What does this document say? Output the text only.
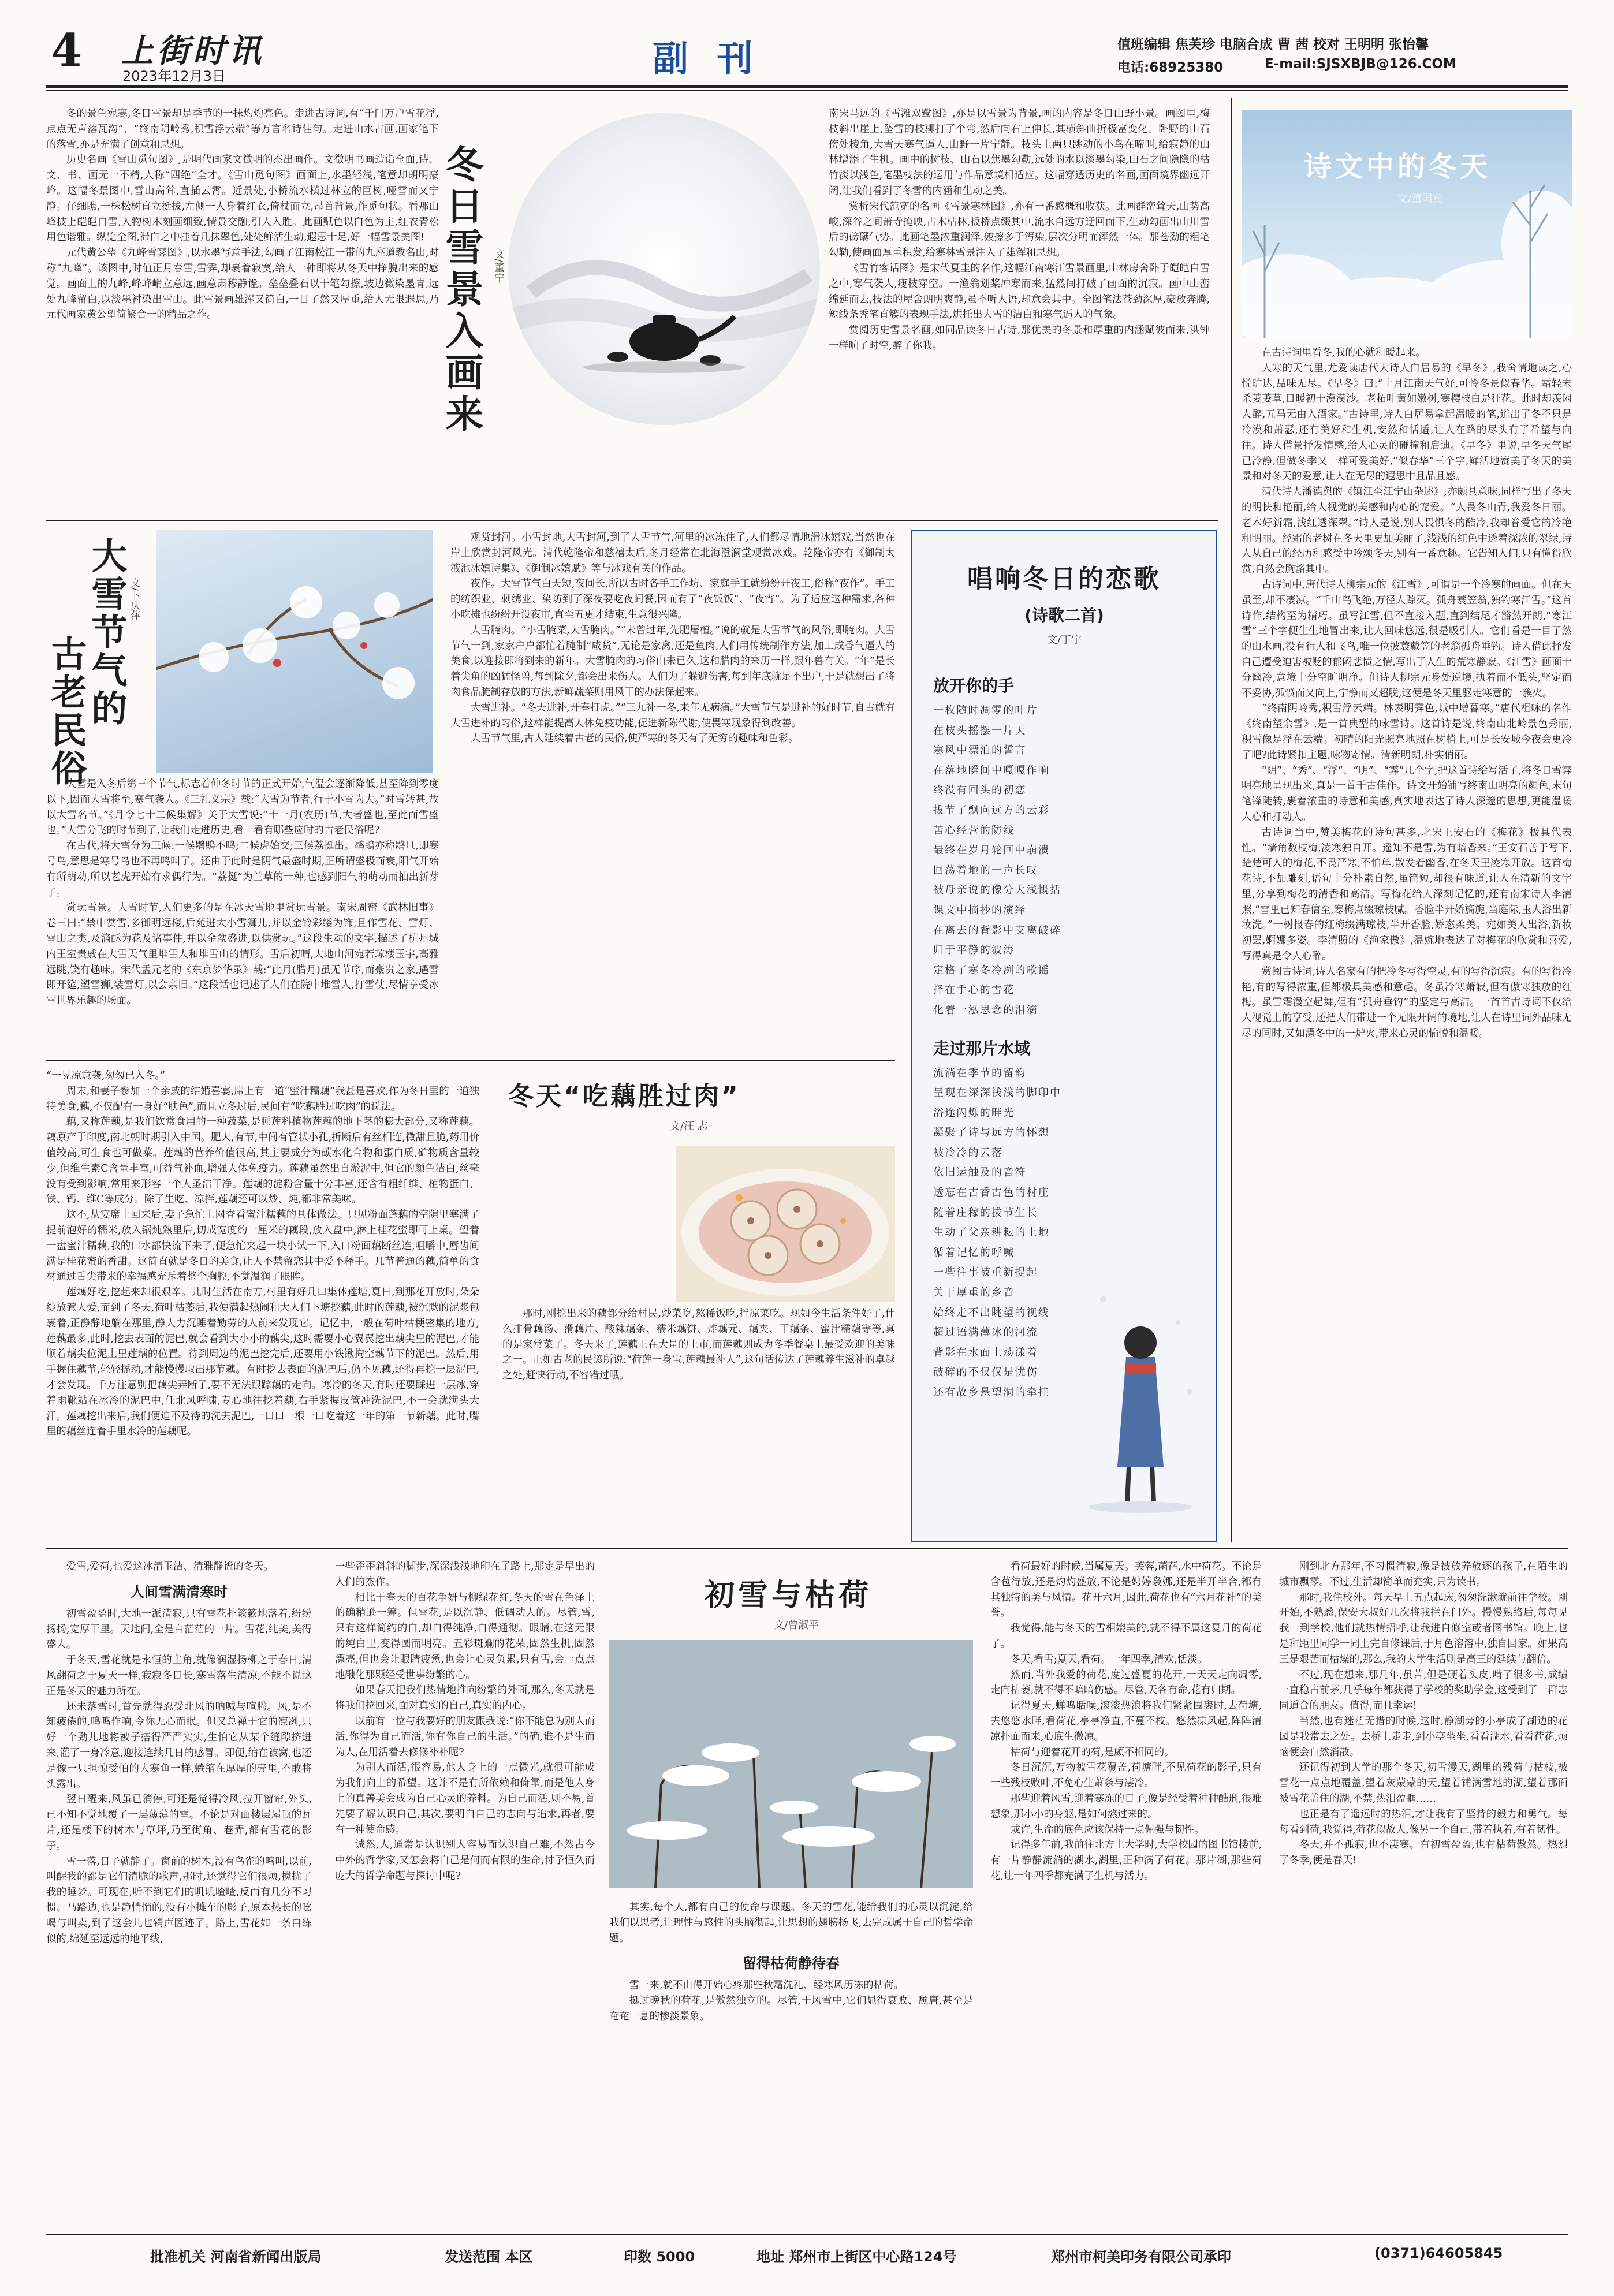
4 上街时讯
2023年12月3日	副 刊	值班编辑 焦芙珍 电脑合成 曹 茜 校对 王明明 张怡馨
电话:68925380	E-mail:SJSXBJB@126.COM

冬的景色宛寒,冬日雪景却是季节的一抹灼灼亮色。走进古诗词,有“千门万户雪花浮,点点无声落瓦沟”、“终南阴岭秀,积雪浮云端”等万言名诗佳句。走进山水古画,画家笔下的落雪,亦是充满了创意和思想。

历史名画《雪山觅句图》,是明代画家文徵明的杰出画作。文徵明书画造诣全面,诗、文、书、画无一不精,人称“四绝”全才。《雪山觅句图》画面上,水墨轻浅,笔意却朗明豪峰。这幅冬景图中,雪山高耸,直插云霄。近景处,小桥流水横过林立的巨树,哑雪而又宁静。仔细瞧,一株松树直立挺拔,左侧一人身着红衣,倚杖而立,昂首背景,作觅句状。看那山峰披上皑皑白雪,人物树木刻画细致,情景交融,引人入胜。此画赋色以白色为主,红衣青松用色谐雅。纵览全图,滞白之中挂着几抹翠色,处处鲜活生动,遐思十足,好一幅雪景美图!

元代黄公望《九峰雪霁图》,以水墨写意手法,勾画了江南松江一带的九座道教名山,时称“九峰”。该图中,时值正月春雪,雪霁,却裹着寂寞,给人一种即将从冬天中挣脱出来的感觉。画面上的九峰,峰峰峭立意远,画意肃穆静谧。垒垒叠石以干笔勾擦,坡边微染墨青,远处九峰留白,以淡墨衬染出雪山。此雪景画雄浑又简白,一目了然又厚重,给人无限遐思,乃元代画家黄公望简繁合一的精品之作。	冬日雪景入画来 文/董宁

南宋马远的《雪滩双鹭图》,亦是以雪景为背景,画的内容是冬日山野小景。画图里,梅枝斜出崖上,坠雪的枝柳打了个弯,然后向右上伸长,其横斜曲折极富变化。卧野的山石傍处棱角,大雪天寒气逼人,山野一片宁静。枝头上两只跳动的小鸟在啼叫,给寂静的山林增添了生机。画中的树枝、山石以焦墨勾勒,远处的水以淡墨勾染,山石之间隐隐的枯竹淡以浅色,笔墨枝法的运用与作品意境相适应。这幅穿透历史的名画,画面境界幽远开阔,让我们看到了冬雪的内涵和生动之美。

赏析宋代范宽的名画《雪景寒林图》,亦有一番感概和收获。此画群峦耸天,山势高峻,深谷之间萧寺掩映,古木枯林,板桥点缀其中,流水自远方迂回而下,生动勾画出山川雪后的磅礴气势。此画笔墨浓重润泽,皴擦多于泻染,层次分明而浑然一体。那苍劲的粗笔勾勒,使画面厚重积发,给寒林雪景注入了雄浑和思想。

《雪竹客话图》是宋代夏圭的名作,这幅江南寒江雪景画里,山林房舍卧于皑皑白雪之中,寒气袭人,瘦枝穿空。一渔翁划桨冲寒而来,猛然间打破了画面的沉寂。画中山峦绵延而去,技法的屋舍朗明爽静,虽不听人语,却意会其中。全图笔法苍劲深厚,豪放奔腾,短线条秃笔直簇的表现手法,烘托出大雪的洁白和寒气逼人的气象。

赏阅历史雪景名画,如同品读冬日古诗,那优美的冬景和厚重的内涵赋彼而来,洪钟一样响了时空,醉了你我。

诗文中的冬天
文/董国宾

在古诗词里看冬,我的心就和暖起来。

人寒的天气里,尤爱读唐代大诗人白居易的《早冬》,我舍情地读之,心悦旷达,品味无尽。《早冬》曰:“十月江南天气好,可怜冬景似春华。霜轻未杀萋萋草,日暖初干漠漠沙。老柘叶黄如嫩树,寒樱枝白是狂花。此时却羡闲人醉,五马无由入酒家。”古诗里,诗人白居易拿起温暖的笔,道出了冬不只是冷漠和萧瑟,还有美好和生机,安然和恬适,让人在路的尽头有了希望与向往。诗人借景抒发情感,给人心灵的碰撞和启迪。《早冬》里说,早冬天气尾已冷静,但做冬季又一样可爱美好,“似春华”三个字,鲜活地赞美了冬天的美景和对冬天的爱意,让人在无尽的遐思中且品且感。

清代诗人潘德舆的《镇江至江宁山杂述》,亦颇具意味,同样写出了冬天的明快和艳丽,给人视觉的美感和内心的宠爱。“人畏冬山青,我爱冬日丽。老木好新霜,浅红透深翠。”诗人是说,别人畏惧冬的酷冷,我却眷爱它的冷艳和明丽。经霜的老树在冬天里更加美丽了,浅浅的红色中透着深浓的翠绿,诗人从自己的经历和感受中吟颂冬天,别有一番意趣。它告知人们,只有懂得欣赏,自然会胸豁其中。

古诗词中,唐代诗人柳宗元的《江雪》,可谓是一个冷寒的画面。但在天虽至,却不凄凉。“千山鸟飞绝,万径人踪灭。孤舟蓑笠翁,独钓寒江雪。”这首诗作,结构至为精巧。虽写江雪,但不直接入题,直到结尾才豁然开朗,“寒江雪”三个字便生生地冒出来,让人回味悠远,很是吸引人。它们看是一目了然的山水画,没有行人和飞鸟,唯一位披蓑戴笠的老翁孤舟垂钓。诗人借此抒发自己遭受迫害被贬的郁闷悲愤之情,写出了人生的荒寒静寂。《江雪》画面十分幽冷,意境十分空旷明净。但诗人柳宗元身处逆境,执着而不低头,坚定而不妥协,孤愤而又向上,宁静而又超脱,这便是冬天里驱走寒意的一簇火。

“终南阴岭秀,积雪浮云端。林表明霁色,城中增暮寒。”唐代祖咏的名作《终南望余雪》,是一首典型的咏雪诗。这首诗是说,终南山北岭景色秀丽,积雪像是浮在云端。初晴的阳光照亮地照在树梢上,可是长安城今夜会更冷了吧?此诗紧扣主题,咏物寄情。清新明朗,朴实俏丽。

“阴”、“秀”、“浮”、“明”、“霁”几个字,把这首诗给写活了,将冬日雪霁明亮地呈现出来,真是一首千古佳作。诗文开始铺写终南山明亮的颜色,末句笔锋陡转,裹着浓重的诗意和美感,真实地表达了诗人深邃的思想,更能温暖人心和打动人。

古诗词当中,赞美梅花的诗句甚多,北宋王安石的《梅花》极具代表性。“墙角数枝梅,凌寒独自开。遥知不是雪,为有暗香来。”王安石善于写下,楚楚可人的梅花,不畏严寒,不怕单,散发着幽香,在冬天里凌寒开放。这首梅花诗,不加雕刻,语句十分朴素自然,虽简短,却很有味道,让人在清新的文字里,分享到梅花的清香和高洁。写梅花给人深刻记忆的,还有南宋诗人李清照,“雪里已知春信至,寒梅点缀琼枝腻。香脸半开娇旖旎,当庭际,玉人浴出新妆洗。”一树报春的红梅缀满琼枝,半开香脸,娇态柔美。宛如美人出浴,新妆初罢,婀娜多姿。李清照的《渔家傲》,温婉地表达了对梅花的欣赏和喜爱,写得真是令人心醉。

赏阅古诗词,诗人名家有的把冷冬写得空灵,有的写得沉寂。有的写得冷艳,有的写得浓重,但都极具美感和意趣。冬虽冷寒萧寂,但有傲寒独放的红梅。虽雪霜漫空起舞,但有“孤舟垂钓”的坚定与高洁。一首首古诗词不仅给人视觉上的享受,还把人们带进一个无限开阔的境地,让人在诗里词外品味无尽的同时,又如漂冬中的一炉火,带来心灵的愉悦和温暖。

大雪节气的
古老民俗
文/卜庆萍

大雪是入冬后第三个节气,标志着仲冬时节的正式开始,气温会逐渐降低,甚至降到零度以下,因而大雪将至,寒气袭人。《三礼义宗》载:“大雪为节者,行于小雪为大。”时雪转甚,故以大雪名节。”《月令七十二候集解》关于大雪说:“十一月(农历)节,大者盛也,至此而雪盛也。”大雪分飞的时节到了,让我们走进历史,看一看有哪些应时的古老民俗呢?

在古代,将大雪分为三候:一候鹖鴠不鸣;二候虎始交;三候荔挺出。鹖鴠亦称鹖旦,即寒号鸟,意思是寒号鸟也不再鸣叫了。还由于此时是阴气最盛时期,正所谓盛极而衰,阳气开始有所萌动,所以老虎开始有求偶行为。“荔挺”为兰草的一种,也感到阳气的萌动而抽出新芽了。

赏玩雪景。大雪时节,人们更多的是在冰天雪地里赏玩雪景。南宋周密《武林旧事》卷三曰:“禁中赏雪,多御明远楼,后苑进大小雪狮儿,并以金铃彩缕为饰,且作雪花、雪灯、雪山之类,及滴酥为花及诸事件,并以金盆盛进,以供赏玩。”这段生动的文字,描述了杭州城内王室贵戚在大雪天气里堆雪人和堆雪山的情形。雪后初晴,大地山河宛若琼楼玉宇,高雅远眺,饶有趣味。宋代孟元老的《东京梦华录》载:“此月(腊月)虽无节序,而豪贵之家,遇雪即开筵,塑雪狮,装雪灯,以会亲旧。”这段话也记述了人们在院中堆雪人,打雪仗,尽情享受冰雪世界乐趣的场面。

观赏封河。小雪封地,大雪封河,到了大雪节气,河里的冰冻住了,人们都尽情地滑冰嬉戏,当然也在岸上欣赏封河风光。清代乾隆帝和慈禧太后,冬月经常在北海澄澜堂观赏冰戏。乾隆帝亦有《御制太液池冰嬉诗集》、《御制冰嬉赋》等与冰戏有关的作品。

夜作。大雪节气白天短,夜间长,所以古时各手工作坊、家庭手工就纷纷开夜工,俗称“夜作”。手工的纺织业、刺绣业、染坊到了深夜要吃夜间餐,因而有了“夜饭饭”、“夜宵”。为了适应这种需求,各种小吃摊也纷纷开设夜市,直至五更才结束,生意很兴隆。

大雪腌肉。“小雪腌菜,大雪腌肉。”“未曾过年,先肥屠檀。”说的就是大雪节气的风俗,即腌肉。大雪节气一到,家家户户都忙着腌制“咸货”,无论是家禽,还是鱼肉,人们用传统制作方法,加工成香气逼人的美食,以迎接即将到来的新年。大雪腌肉的习俗由来已久,这和腊肉的来历一样,跟年兽有关。“年”是长着尖角的凶猛怪兽,每到除夕,都会出来伤人。人们为了躲避伤害,每到年底就足不出户,于是就想出了将肉食品腌制存放的方法,新鲜蔬菜则用风干的办法保起来。

大雪进补。“冬天进补,开春打虎。”“三九补一冬,来年无病痛。”大雪节气是进补的好时节,自古就有大雪进补的习俗,这样能提高人体免疫功能,促进新陈代谢,使畏寒现象得到改善。

大雪节气里,古人延续着古老的民俗,使严寒的冬天有了无穷的趣味和色彩。

唱响冬日的恋歌
(诗歌二首)
文/丁宇
放开你的手
一枚随时凋零的叶片
在枝头摇摆一片天
寒风中漂泊的誓言
在落地瞬间中嘎嘎作响
终没有回头的初恋
拔节了飘向远方的云彩
苦心经营的防线
最终在岁月轮回中崩溃
回荡着地的一声长叹
被母亲说的像分大浅慨括
课文中摘抄的演绎
在离去的背影中支离破碎
归于平静的波涛
定格了寒冬冷冽的歌谣
择在手心的雪花
化着一泓思念的泪滴
走过那片水域
流淌在季节的留韵
呈现在深深浅浅的脚印中
浴途闪烁的畔光
凝聚了诗与远方的怀想
被冷冷的云落
依旧运触及的音符
透忘在古香古色的村庄
随着庄稼的拔节生长
生动了父亲耕耘的土地
循着记忆的呼喊
一些往事被重新提起
关于厚重的乡音
始终走不出眺望的视线
超过语满薄冰的河流
背影在水面上荡漾着
破碎的不仅仅是忧伤
还有故乡悬望洞的牵挂

“一晃凉意袭,匆匆已入冬。”

周末,和妻子参加一个亲戚的结婚喜宴,席上有一道“蜜汁糯藕”我甚是喜欢,作为冬日里的一道独特美食,藕,不仅配有一身好“肤色”,而且立冬过后,民间有“吃藕胜过吃肉”的说法。

藕,又称莲藕,是我们饮常食用的一种蔬菜,是睡莲科植物莲藕的地下茎的膨大部分,又称莲藕。藕原产于印度,南北朝时期引入中国。肥大,有节,中间有管状小孔,折断后有丝相连,微甜且脆,药用价值较高,可生食也可做菜。莲藕的营养价值很高,其主要成分为碳水化合物和蛋白质,矿物质含量较少,但维生素C含量丰富,可益气补血,增强人体免疫力。莲藕虽然出自淤泥中,但它的颜色洁白,丝毫没有受到影响,常用来形容一个人圣洁干净。莲藕的淀粉含量十分丰富,还含有粗纤维、植物蛋白、铁、钙、维C等成分。除了生吃、凉拌,莲藕还可以炒、炖,都非常美味。

这不,从宴席上回来后,妻子急忙上网查看蜜汁糯藕的具体做法。只见粉面蓬藕的空隙里塞满了提前泡好的糯米,放入锅炖熟里后,切成宽度约一厘米的藕段,放入盘中,淋上桂花蜜即可上桌。望着一盘蜜汁糯藕,我的口水都快流下来了,便急忙夹起一块小试一下,入口粉面藕断丝连,咀嚼中,唇齿间满是桂花蜜的香甜。这简直就是冬日的美食,让人不禁留恋其中爱不释手。几节普通的藕,简单的食材通过舌尖带来的幸福感充斥着整个胸腔,不觉温润了眼眸。

莲藕好吃,挖起来却很艰辛。儿时生活在南方,村里有好几口集体莲塘,夏日,到那花开放时,朵朵绽放惹人爱,而到了冬天,荷叶枯萎后,我便满起热闹和大人们下塘挖藕,此时的莲藕,被沉默的泥浆包裹着,正静静地躺在那里,静大力沉睡着勤劳的人前来发现它。记忆中,一般在荷叶枯梗密集的地方,莲藕最多,此时,挖去表面的泥巴,就会看到大小小的藕尖,这时需要小心翼翼挖出藕尖里的泥巴,才能顺着藕尖位泥土里莲藕的位置。待到周边的泥巴挖完后,还要用小铁锹掏空藕节下的泥巴。然后,用手握住藕节,轻轻摇动,才能慢慢取出那节藕。有时挖去表面的泥巴后,仍不见藕,还得再挖一层泥巴,才会发现。千万注意别把藕尖弄断了,要不无法跟踪藕的走向。寒冷的冬天,有时还要踩进一层冰,穿着雨靴站在冰冷的泥巴中,任北风呼啸,专心地往挖着藕,右手紧握皮管冲洗泥巴,不一会就满头大汗。莲藕挖出来后,我们便迫不及待的洗去泥巴,一口口一根一口吃着这一年的第一节新藕。此时,嘴里的藕丝连着手里水冷的莲藕呢。

冬天“吃藕胜过肉”
文/汪 志

那时,刚挖出来的藕都分给村民,炒菜吃,熬稀饭吃,拌凉菜吃。现如今生活条件好了,什么排骨藕汤、滑藕片、酸辣藕条、糯米藕饼、炸藕元、藕夹、干藕条、蜜汁糯藕等等,真的是家常菜了。冬天来了,莲藕正在大量的上市,而莲藕则成为冬季餐桌上最受欢迎的美味之一。正如古老的民谚所说:“荷莲一身宝,莲藕最补人”,这句话传达了莲藕养生滋补的卓越之处,赶快行动,不容错过哦。

爱雪,爱荷,也爱这冰清玉洁、清雅静谧的冬天。

人间雪满清寒时

初雪盈盈时,大地一派清寂,只有雪花扑簌簌地落着,纷纷扬扬,宽厚干里。天地间,全是白茫茫的一片。雪花,纯美,美得盛大。

于冬天,雪花就是永恒的主角,就像润湿扬柳之于春日,清风翻荷之于夏天一样,寂寂冬日长,寒雪落生清凉,不能不说这正是冬天的魅力所在。

还未落雪时,首先就得忍受北风的呐喊与喧腾。风,是不知疲倦的,鸣鸣作响,令你无心而眠。但又总禅于它的凛冽,只好一个劲儿地将被子搭得严严实实,生怕它从某个缝隙挤进来,灌了一身冷意,迎接连续几日的感冒。即便,缩在被窝,也还是像一只担惊受怕的大寒鱼一样,蜷缩在厚厚的壳里,不敢将头露出。

翌日醒来,风虽已消停,可还是觉得冷风,拉开窗帘,外头,已不知不觉地覆了一层薄薄的雪。不论是对面楼层屋顶的瓦片,还是楼下的树木与草坪,乃至街角、巷弄,都有雪花的影子。

雪一落,日子就静了。窗前的树木,没有鸟雀的鸣叫,以前,叫醒我的都是它们清脆的歌声,那时,还觉得它们很烦,搅扰了我的睡梦。可现在,听不到它们的叽叽喳喳,反而有几分不习惯。马路边,也是静悄悄的,没有小摊车的影子,原本热长的吆喝与叫卖,到了这会儿也销声匿迹了。路上,雪花如一条白练似的,绵延至远远的地平线,

一些歪歪斜斜的脚步,深深浅浅地印在了路上,那定是早出的人们的杰作。

相比于春天的百花争妍与柳绿花红,冬天的雪在色泽上的确稍逊一筹。但雪花,是以沉静、低调动人的。尽管,雪,只有这样简约的白,却白得纯净,白得通彻。眼睛,在这无限的纯白里,变得圆而明亮。五彩斑斓的花朵,固然生机,固然漂亮,但也会让眼睛疲惫,也会让心灵负累,只有雪,会一点点地融化那颗经受世事纷繁的心。

如果春天把我们热情地推向纷繁的外面,那么,冬天就是将我们拉回来,面对真实的自己,真实的内心。

以前有一位与我要好的朋友跟我说:“你不能总为别人而活,你得为自己而活,你有你自己的生活。”的确,谁不是生而为人,在用活着去修修补补呢?

为别人而活,很容易,他人身上的一点微光,就很可能成为我们向上的希望。这并不是有所依赖和倚靠,而是他人身上的真善美会成为自己心灵的养料。为自己而活,则不易,首先要了解认识自己,其次,要明白自己的志向与追求,再者,要有一种使命感。

诚然,人,通常是认识别人容易而认识自己难,不然古今中外的哲学家,又怎会将自己是何而有限的生命,付予恒久而庞大的哲学命题与探讨中呢?

初雪与枯荷
文/曾淑平

其实,每个人,都有自己的使命与课题。冬天的雪花,能给我们的心灵以沉淀,给我们以思考,让理性与感性的头脑彻起,让思想的翅膀扬飞,去完成属于自己的哲学命题。

留得枯荷静待春

雪一来,就不由得开始心疼那些秋霜洗礼、经寒风历冻的枯荷。

挺过晚秋的荷花,是傲然独立的。尽管,于风雪中,它们显得衰败、颓唐,甚至是奄奄一息的惨淡景象。

看荷最好的时候,当属夏天。芙蓉,菡萏,水中荷花。不论是含苞待放,还是灼灼盛放,不论是娉婷袅娜,还是半开半合,都有其独特的美与风情。花开六月,因此,荷花也有“六月花神”的美誉。

我觉得,能与冬天的雪相媲美的,就不得不属这夏月的荷花了。

冬天,看雪;夏天,看荷。一年四季,清欢,恬淡。

然而,当外我爱的荷花,度过盛夏的花开,一天天走向凋零,走向枯萎,就不得不暗暗伤感。尽管,天各有命,花有归期。

记得夏天,蝉鸣聒噪,滚滚热浪将我们紧紧围裹时,去荷塘,去悠悠水畔,看荷花,亭亭净直,不蔓不枝。悠然凉风起,阵阵清凉扑面而来,心底生微凉。

枯荷与迎着花开的荷,是颇不相同的。

冬日沉沉,万物被雪花覆盖,荷塘畔,不见荷花的影子,只有一些残枝败叶,不免心生萧条与凄冷。

那些迎着风雪,迎着寒冻的日子,像是经受着种种酷刑,很难想象,那小小的身躯,是如何熬过来的。

或许,生命的底色应该保持一点倔强与韧性。

记得多年前,我前往北方上大学时,大学校园的图书馆楼前,有一片静静流淌的湖水,湖里,正种满了荷花。那片湖,那些荷花,让一年四季都充满了生机与活力。

刚到北方那年,不习惯清寂,像是被放养放逐的孩子,在陌生的城市飘零。不过,生活却简单而充实,只为读书。

那时,我住校外。每天早上五点起床,匆匆洗漱就前往学校。刚开始,不熟悉,保安大叔好几次将我拦在门外。慢慢熟络后,每每见我一到学校,他们就热情招呼,让我进自修室或者图书馆。晚上,也是和距里同学一同上完自修课后,于月色溶溶中,独自回家。如果高三是艰苦而枯燥的,那么,我的大学生活则是高三的延续与翻倍。

不过,现在想来,那几年,虽苦,但是硬着头皮,啃了很多书,成绩一直稳占前茅,几乎每年都获得了学校的奖助学金,这受到了一群志同道合的朋友。值得,而且幸运!

当然,也有迷茫无措的时候,这时,静湖旁的小亭成了湖边的花园是我常去之处。去桥上走走,到小亭坐坐,看看湖水,看看荷花,烦恼便会自然消散。

还记得初到大学的那个冬天,初雪漫天,湖里的残荷与枯枝,被雪花一点点地覆盖,望着灰蒙蒙的天,望着铺满雪地的湖,望着那面被雪花盖住的湖,不禁,热泪盈眶……

也正是有了遥远时的热泪,才让我有了坚持的毅力和勇气。每每看到荷,我觉得,荷花似故人,像另一个自己,带着执着,有着韧性。

冬天,并不孤寂,也不凄寒。有初雪盈盈,也有枯荷傲然。热烈了冬季,便是春天!

批准机关 河南省新闻出版局	发送范围 本区	印数 5000	地址 郑州市上街区中心路124号	郑州市柯美印务有限公司承印	(0371)64605845
